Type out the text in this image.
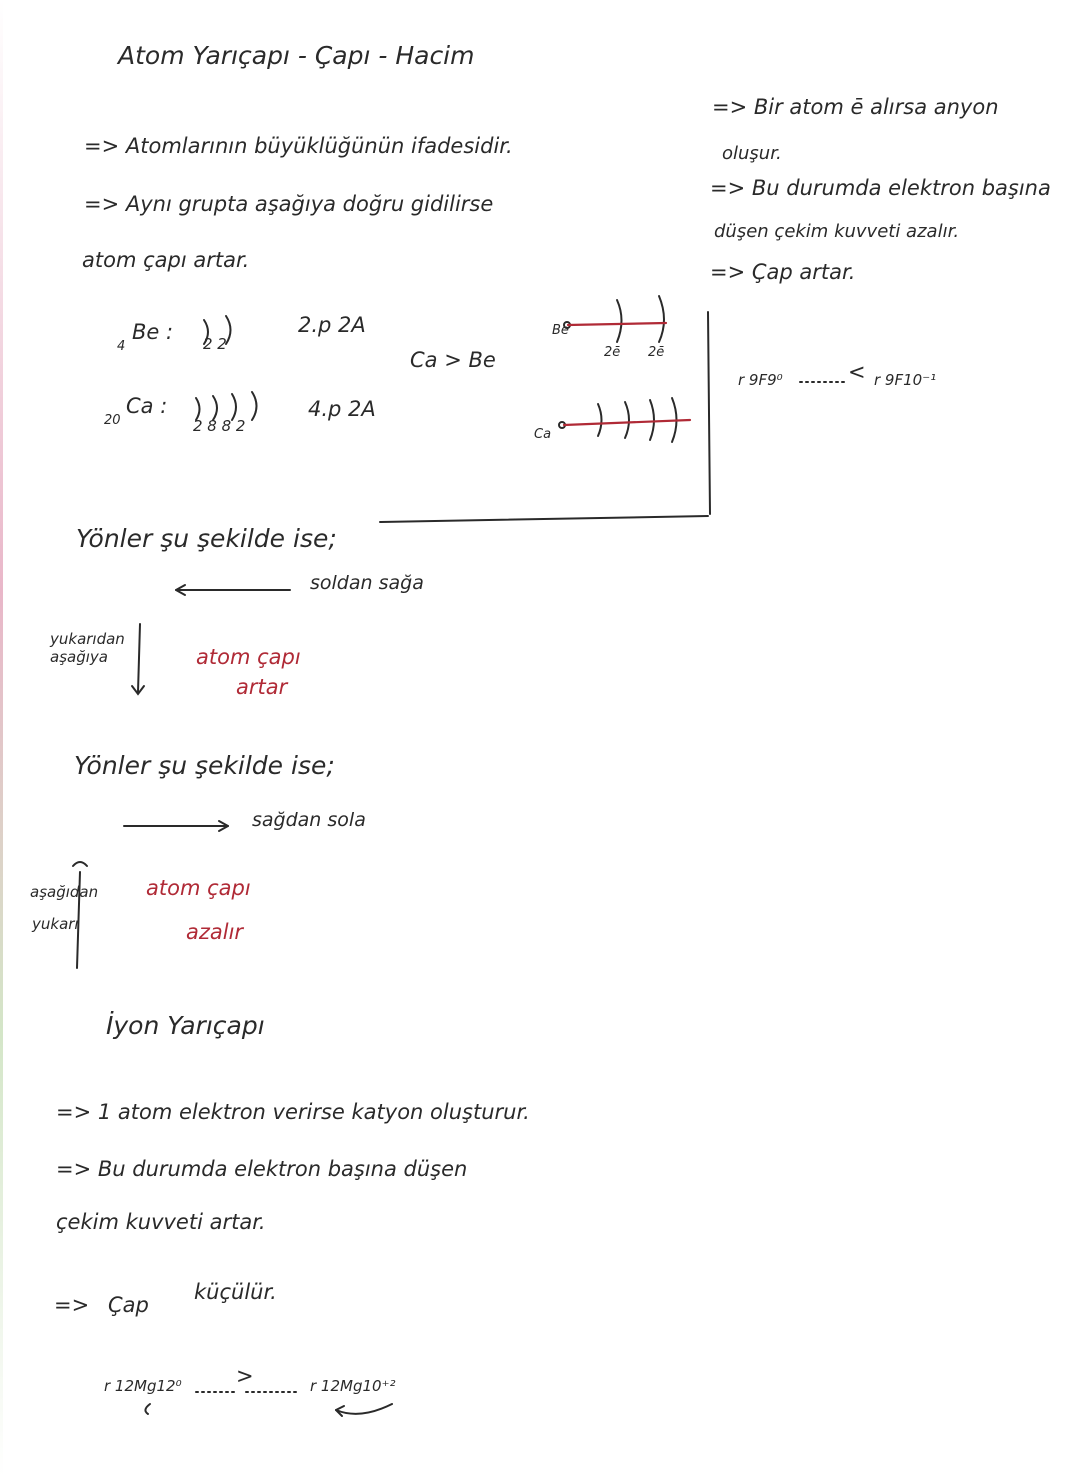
Atom Yarıçapı - Çapı - Hacim
=> Atomlarının büyüklüğünün ifadesidir.
=> Aynı grupta aşağıya doğru gidilirse
atom çapı artar.
4
Be : 2 2
2.p 2A
20
Ca :
2 8 8 2
4.p 2A
Ca > Be
Be
2ē 2ē
Ca
=> Bir atom ē alırsa anyon
oluşur.
=> Bu durumda elektron başına
düşen çekim kuvveti azalır.
=> Çap artar.
r 9F9⁰	< r 9F10⁻¹
Yönler şu şekilde ise;
soldan sağa
yukarıdan aşağıya	atom çapı
artar
Yönler şu şekilde ise;
sağdan sola
aşağıdan
yukarı
atom çapı
azalır
İyon Yarıçapı
=> 1 atom elektron verirse katyon oluşturur.
=> Bu durumda elektron başına düşen
çekim kuvveti artar.
=> Çap
küçülür.
r 12Mg12⁰	>	r 12Mg10⁺²
